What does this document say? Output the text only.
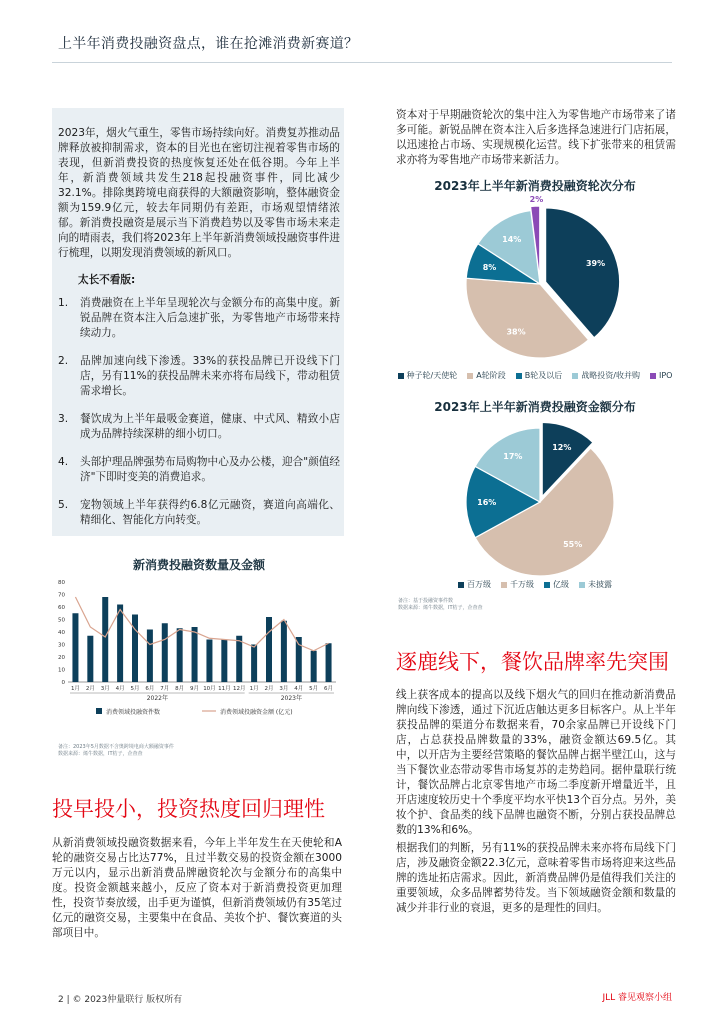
上半年消费投融资盘点，谁在抢滩消费新赛道？
2023年，烟火气重生，零售市场持续向好。消费复苏推动品牌释放被抑制需求，资本的目光也在密切注视着零售市场的表现，但新消费投资的热度恢复还处在低谷期。今年上半年，新消费领域共发生218起投融资事件，同比减少32.1%。排除奥跨境电商获得的大额融资影响，整体融资金额为159.9亿元，较去年同期仍有差距，市场观望情绪浓郁。新消费投融资是展示当下消费趋势以及零售市场未来走向的晴雨表，我们将2023年上半年新消费领域投融资事件进行梳理，以期发现消费领域的新风口。
太长不看版:
1. 消费融资在上半年呈现轮次与金额分布的高集中度。新锐品牌在资本注入后急速扩张，为零售地产市场带来持续动力。
2. 品牌加速向线下渗透。33%的获投品牌已开设线下门店，另有11%的获投品牌未来亦将布局线下，带动租赁需求增长。
3. 餐饮成为上半年最吸金赛道，健康、中式风、精致小店成为品牌持续深耕的细小切口。
4. 头部护理品牌强势布局购物中心及办公楼，迎合"颜值经济"下即时变美的消费追求。
5. 宠物领域上半年获得约6.8亿元融资，赛道向高端化、精细化、智能化方向转变。
新消费投融资数量及金额
0
10
20
30
40
50
60
70
80
1月 2月 3月 4月 5月 6月 7月 8月 9月 10月 11月 12月 1月 2月 3月 4月 5月 6月
2022年	2023年
消费领域投融资件数	消费领域投融资金额 (亿元)
备注：2023年5月数据不含奥跨境电商大额融资事件
数据来源：烯牛数据，IT桔子，企查查
投早投小，投资热度回归理性
从新消费领域投融资数据来看，今年上半年发生在天使轮和A轮的融资交易占比达77%，且过半数交易的投资金额在3000万元以内，显示出新消费品牌融资轮次与金额分布的高集中度。投资金额越来越小，反应了资本对于新消费投资更加理性，投资节奏放缓，出手更为谨慎，但新消费领域仍有35笔过亿元的融资交易，主要集中在食品、美妆个护、餐饮赛道的头部项目中。
资本对于早期融资轮次的集中注入为零售地产市场带来了诸多可能。新锐品牌在资本注入后多选择急速进行门店拓展，以迅速抢占市场、实现规模化运营。线下扩张带来的租赁需求亦将为零售地产市场带来新活力。
2023年上半年新消费投融资轮次分布
39%
38%
8%
14%
2%
种子轮/天使轮	A轮阶段	B轮及以后	战略投资/收并购	IPO
2023年上半年新消费投融资金额分布
12%
55%
16%
17%
百万级	千万级	亿级	未披露
备注：基于投融资事件数
数据来源：烯牛数据，IT桔子，企查查
逐鹿线下，餐饮品牌率先突围
线上获客成本的提高以及线下烟火气的回归在推动新消费品牌向线下渗透，通过下沉近店触达更多目标客户。从上半年获投品牌的渠道分布数据来看，70余家品牌已开设线下门店，占总获投品牌数量的33%，融资金额达69.5亿。其中，以开店为主要经营策略的餐饮品牌占据半壁江山，这与当下餐饮业态带动零售市场复苏的走势趋同。据仲量联行统计，餐饮品牌占北京零售地产市场二季度新开增量近半，且开店速度较历史十个季度平均水平快13个百分点。另外，美妆个护、食品类的线下品牌也融资不断，分别占获投品牌总数的13%和6%。
根据我们的判断，另有11%的获投品牌未来亦将布局线下门店，涉及融资金额22.3亿元，意味着零售市场将迎来这些品牌的选址拓店需求。因此，新消费品牌仍是值得我们关注的重要领域，众多品牌蓄势待发。当下领域融资金额和数量的减少并非行业的衰退，更多的是理性的回归。
2 | © 2023仲量联行 版权所有	JLL 睿见观察小组
